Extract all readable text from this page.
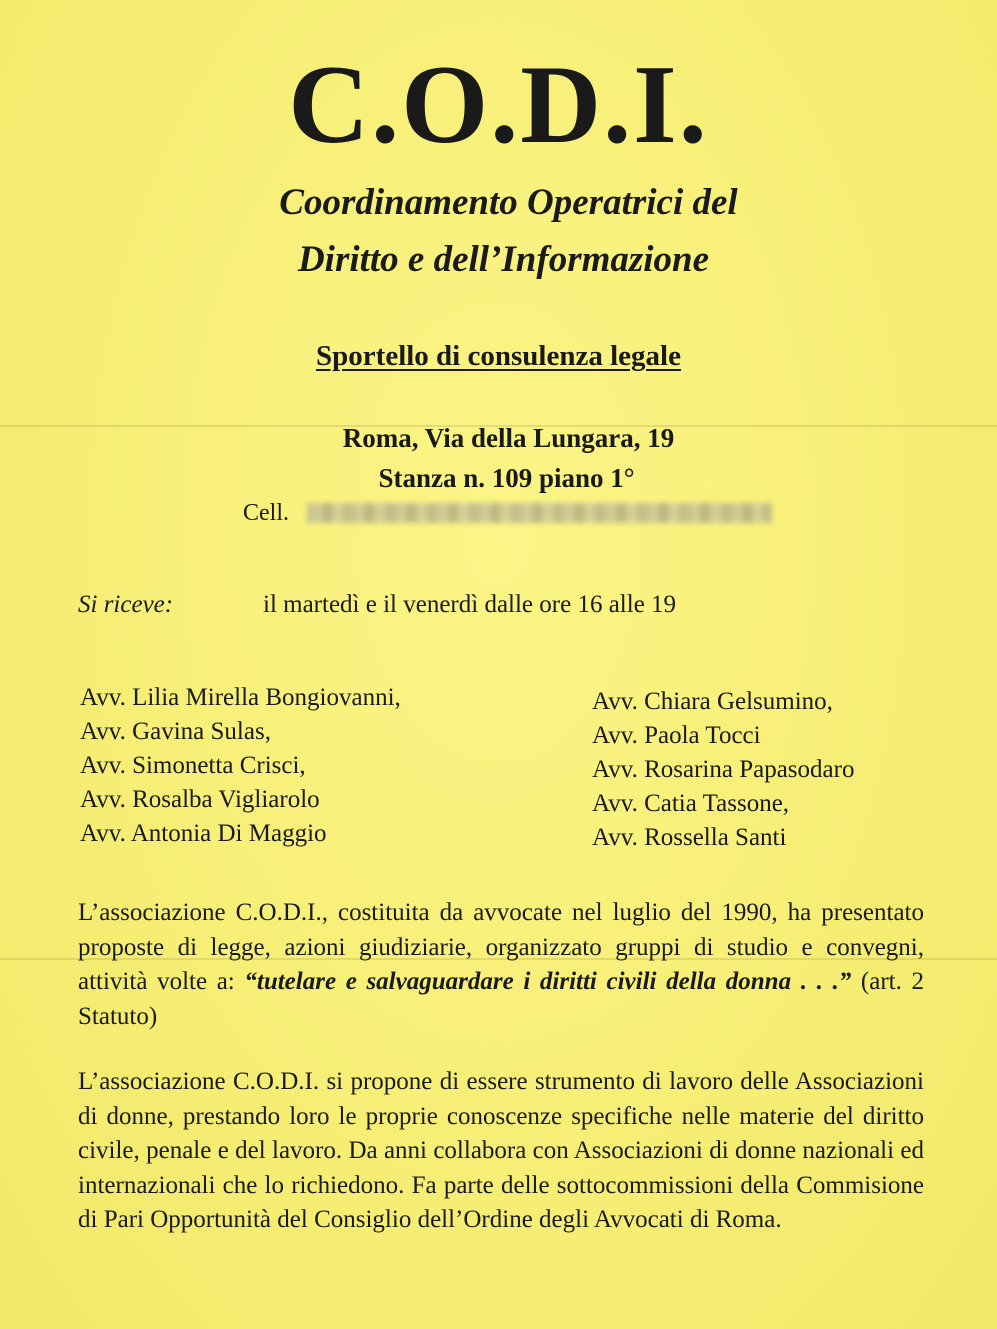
C.O.D.I.

Coordinamento Operatrici del

Diritto e dell’Informazione

Sportello di consulenza legale

Roma, Via della Lungara, 19

Stanza n. 109 piano 1°

Cell.
Si riceve:	il martedì e il venerdì dalle ore 16 alle 19
Avv. Lilia Mirella Bongiovanni,
Avv. Gavina Sulas,
Avv. Simonetta Crisci,
Avv. Rosalba Vigliarolo
Avv. Antonia Di Maggio
Avv. Chiara Gelsumino,
Avv. Paola Tocci
Avv. Rosarina Papasodaro
Avv. Catia Tassone,
Avv. Rossella Santi

L’associazione C.O.D.I., costituita da avvocate nel luglio del 1990, ha presentato proposte di legge, azioni giudiziarie, organizzato gruppi di studio e convegni, attività volte a: “tutelare e salvaguardare i diritti civili della donna . . .” (art. 2 Statuto)

L’associazione C.O.D.I. si propone di essere strumento di lavoro delle Associazioni di donne, prestando loro le proprie conoscenze specifiche nelle materie del diritto civile, penale e del lavoro. Da anni collabora con Associazioni di donne nazionali ed internazionali che lo richiedono. Fa parte delle sottocommissioni della Commisione di Pari Opportunità del Consiglio dell’Ordine degli Avvocati di Roma.
